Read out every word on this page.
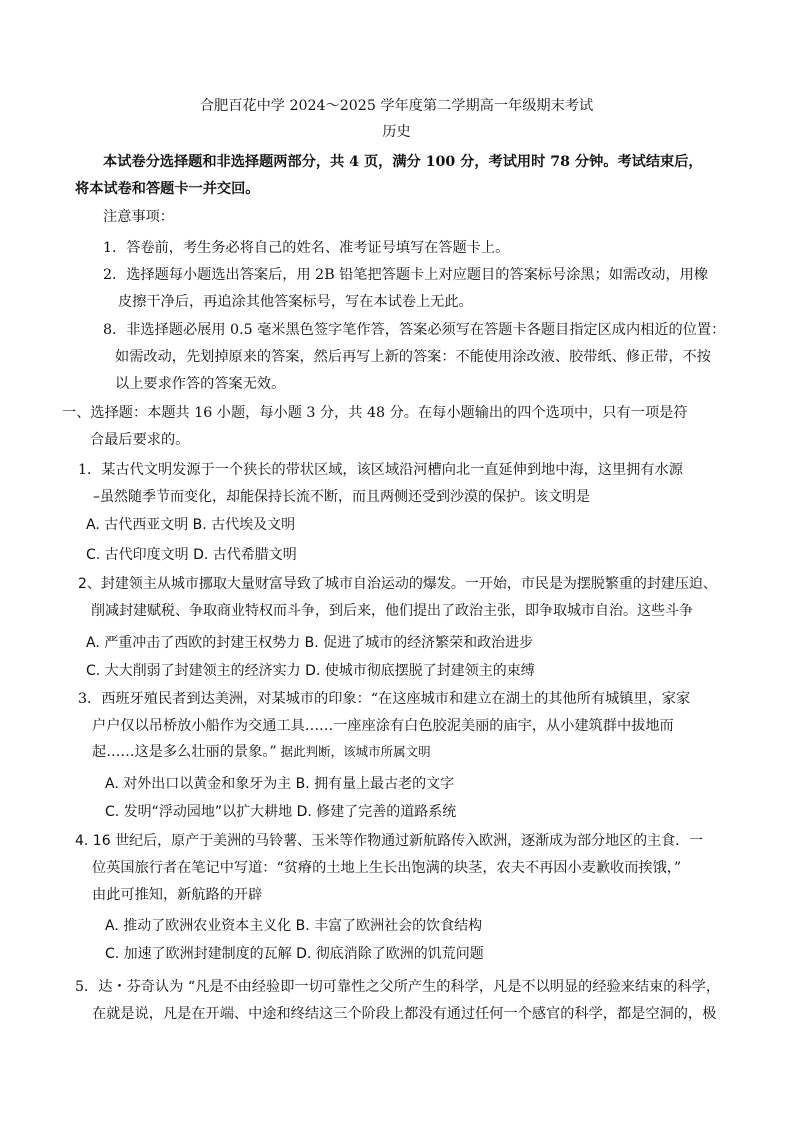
合肥百花中学 2024～2025 学年度第二学期高一年级期末考试
历史
本试卷分选择题和非选择题两部分，共 4 页，满分 100 分，考试用时 78 分钟。考试结束后，
将本试卷和答题卡一并交回。
注意事项：
1．答卷前，考生务必将自己的姓名、准考证号填写在答题卡上。
2．选择题每小题选出答案后，用 2B 铅笔把答题卡上对应题目的答案标号涂黑；如需改动，用橡
皮擦干净后，再追涂其他答案标号，写在本试卷上无此。
8．非选择题必展用 0.5 毫米黑色签字笔作答，答案必须写在答题卡各题目指定区成内相近的位置：
如需改动，先划掉原来的答案，然后再写上新的答案：不能使用涂改液、胶带纸、修正带，不按
以上要求作答的答案无效。
一、选择题：本题共 16 小题，每小题 3 分，共 48 分。在每小题输出的四个选项中，只有一项是符
合最后要求的。
1．某古代文明发源于一个狭长的带状区域，该区域沿河槽向北一直延伸到地中海，这里拥有水源
–虽然随季节而变化，却能保持长流不断，而且两侧还受到沙漠的保护。该文明是
A. 古代西亚文明 B. 古代埃及文明
C. 古代印度文明 D. 古代希腊文明
2、封建领主从城市挪取大量财富导致了城市自治运动的爆发。一开始，市民是为摆脱繁重的封建压迫、
削减封建赋税、争取商业特权而斗争，到后来，他们提出了政治主张，即争取城市自治。这些斗争
A. 严重冲击了西欧的封建王权势力 B. 促进了城市的经济繁荣和政治进步
C. 大大削弱了封建领主的经济实力 D. 使城市彻底摆脱了封建领主的束缚
3．西班牙殖民者到达美洲，对某城市的印象：“在这座城市和建立在湖土的其他所有城镇里，家家
户户仅以吊桥放小船作为交通工具……一座座涂有白色胶泥美丽的庙宇，从小建筑群中拔地而
起……这是多么壮丽的景象。” 据此判断，该城市所属文明
A. 对外出口以黄金和象牙为主 B. 拥有量上最古老的文字
C. 发明“浮动园地”以扩大耕地 D. 修建了完善的道路系统
4. 16 世纪后，原产于美洲的马铃薯、玉米等作物通过新航路传入欧洲，逐渐成为部分地区的主食．一
位英国旅行者在笔记中写道：“贫瘠的土地上生长出饱满的块茎，农夫不再因小麦歉收而挨饿，”
由此可推知，新航路的开辟
A. 推动了欧洲农业资本主义化 B. 丰富了欧洲社会的饮食结构
C. 加速了欧洲封建制度的瓦解 D. 彻底消除了欧洲的饥荒问题
5．达・芬奇认为 “凡是不由经验即一切可靠性之父所产生的科学，凡是不以明显的经验来结束的科学，
在就是说，凡是在开端、中途和终结这三个阶段上都没有通过任何一个感官的科学，都是空洞的，极
